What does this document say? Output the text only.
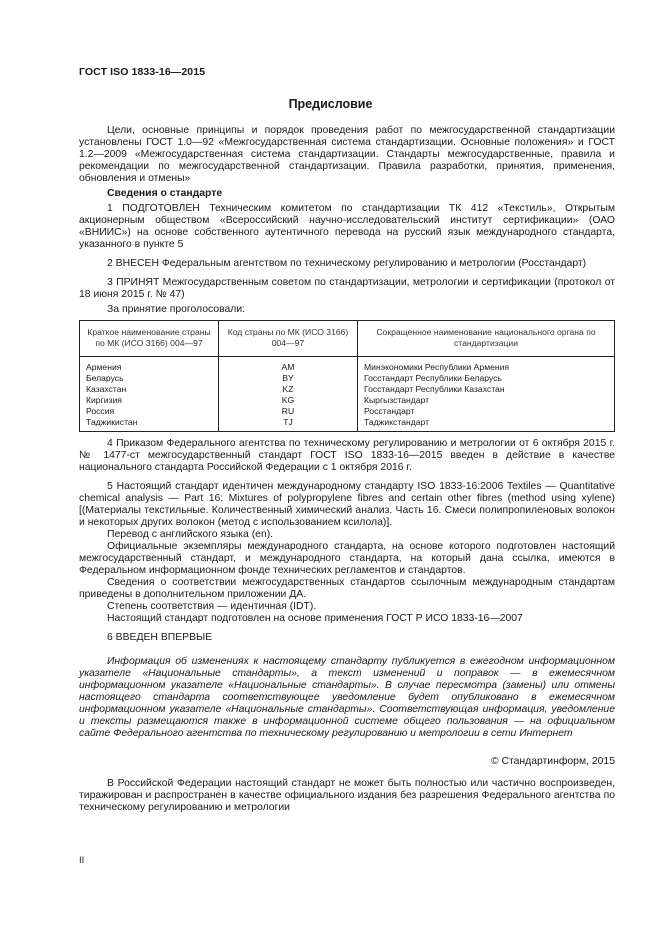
ГОСТ ISO 1833-16—2015
Предисловие

Цели, основные принципы и порядок проведения работ по межгосударственной стандартизации установлены ГОСТ 1.0—92 «Межгосударственная система стандартизации. Основные положения» и ГОСТ 1.2—2009 «Межгосударственная система стандартизации. Стандарты межгосударственные, правила и рекомендации по межгосударственной стандартизации. Правила разработки, принятия, применения, обновления и отмены»

Сведения о стандарте

1 ПОДГОТОВЛЕН Техническим комитетом по стандартизации ТК 412 «Текстиль», Открытым акционерным обществом «Всероссийский научно-исследовательский институт сертификации» (ОАО «ВНИИС») на основе собственного аутентичного перевода на русский язык международного стандарта, указанного в пункте 5

2 ВНЕСЕН Федеральным агентством по техническому регулированию и метрологии (Росстандарт)

3 ПРИНЯТ Межгосударственным советом по стандартизации, метрологии и сертификации (протокол от 18 июня 2015 г. № 47)

За принятие проголосовали:

Краткое наименование страны по МК (ИСО 3166) 004—97	Код страны по МК (ИСО 3166) 004—97	Сокращенное наименование национального органа по стандартизации
Армения	AM	Минэкономики Республики Армения
Беларусь	BY	Госстандарт Республики Беларусь
Казахстан	KZ	Госстандарт Республики Казахстан
Киргизия	KG	Кыргызстандарт
Россия	RU	Росстандарт
Таджикистан	TJ	Таджикстандарт

4 Приказом Федерального агентства по техническому регулированию и метрологии от 6 октября 2015 г. № 1477-ст межгосударственный стандарт ГОСТ ISO 1833-16—2015 введен в действие в качестве национального стандарта Российской Федерации с 1 октября 2016 г.

5 Настоящий стандарт идентичен международному стандарту ISO 1833-16:2006 Textiles — Quantitative chemical analysis — Part 16: Mixtures of polypropylene fibres and certain other fibres (method using xylene) [(Материалы текстильные. Количественный химический анализ. Часть 16. Смеси полипропиленовых волокон и некоторых других волокон (метод с использованием ксилола)].

Перевод с английского языка (en).

Официальные экземпляры международного стандарта, на основе которого подготовлен настоящий межгосударственный стандарт, и международного стандарта, на который дана ссылка, имеются в Федеральном информационном фонде технических регламентов и стандартов.

Сведения о соответствии межгосударственных стандартов ссылочным международным стандартам приведены в дополнительном приложении ДА.

Степень соответствия — идентичная (IDT).

Настоящий стандарт подготовлен на основе применения ГОСТ Р ИСО 1833-16—2007

6 ВВЕДЕН ВПЕРВЫЕ

Информация об изменениях к настоящему стандарту публикуется в ежегодном информационном указателе «Национальные стандарты», а текст изменений и поправок — в ежемесячном информационном указателе «Национальные стандарты». В случае пересмотра (замены) или отмены настоящего стандарта соответствующее уведомление будет опубликовано в ежемесячном информационном указателе «Национальные стандарты». Соответствующая информация, уведомление и тексты размещаются также в информационной системе общего пользования — на официальном сайте Федерального агентства по техническому регулированию и метрологии в сети Интернет

© Стандартинформ, 2015

В Российской Федерации настоящий стандарт не может быть полностью или частично воспроизведен, тиражирован и распространен в качестве официального издания без разрешения Федерального агентства по техническому регулированию и метрологии

II
